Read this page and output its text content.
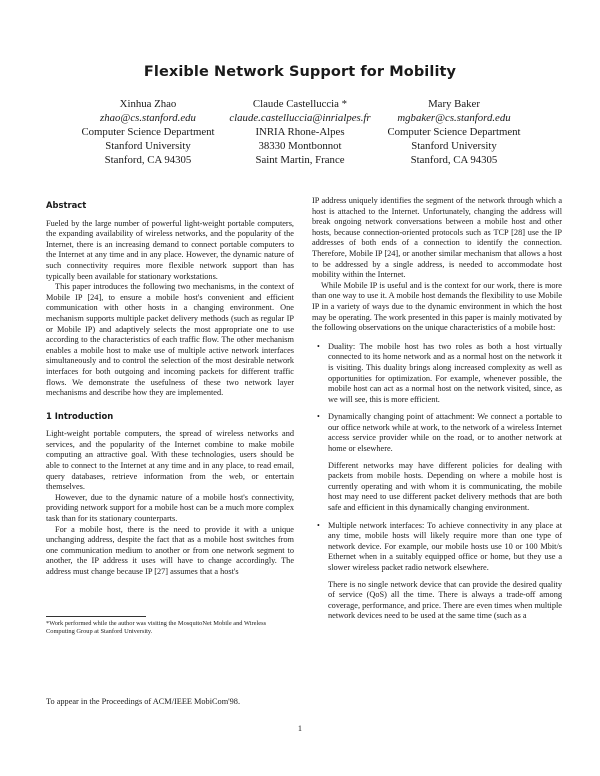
Flexible Network Support for Mobility
Xinhua Zhao
zhao@cs.stanford.edu
Computer Science Department
Stanford University
Stanford, CA 94305
Claude Castelluccia *
claude.castelluccia@inrialpes.fr
INRIA Rhone-Alpes
38330 Montbonnot
Saint Martin, France
Mary Baker
mgbaker@cs.stanford.edu
Computer Science Department
Stanford University
Stanford, CA 94305
Abstract

Fueled by the large number of powerful light-weight portable computers, the expanding availability of wireless networks, and the popularity of the Internet, there is an increasing demand to connect portable computers to the Internet at any time and in any place. However, the dynamic nature of such connectivity requires more flexible network support than has typically been available for stationary workstations.

This paper introduces the following two mechanisms, in the context of Mobile IP [24], to ensure a mobile host's convenient and efficient communication with other hosts in a changing environment. One mechanism supports multiple packet delivery methods (such as regular IP or Mobile IP) and adaptively selects the most appropriate one to use according to the characteristics of each traffic flow. The other mechanism enables a mobile host to make use of multiple active network interfaces simultaneously and to control the selection of the most desirable network interfaces for both outgoing and incoming packets for different traffic flows. We demonstrate the usefulness of these two network layer mechanisms and describe how they are implemented.

1 Introduction

Light-weight portable computers, the spread of wireless networks and services, and the popularity of the Internet combine to make mobile computing an attractive goal. With these technologies, users should be able to connect to the Internet at any time and in any place, to read email, query databases, retrieve information from the web, or entertain themselves.

However, due to the dynamic nature of a mobile host's connectivity, providing network support for a mobile host can be a much more complex task than for its stationary counterparts.

For a mobile host, there is the need to provide it with a unique unchanging address, despite the fact that as a mobile host switches from one communication medium to another or from one network segment to another, the IP address it uses will have to change accordingly. The address must change because IP [27] assumes that a host's

*Work performed while the author was visiting the MosquitoNet Mobile and Wireless Computing Group at Stanford University.
To appear in the Proceedings of ACM/IEEE MobiCom'98.

IP address uniquely identifies the segment of the network through which a host is attached to the Internet. Unfortunately, changing the address will break ongoing network conversations between a mobile host and other hosts, because connection-oriented protocols such as TCP [28] use the IP addresses of both ends of a connection to identify the connection. Therefore, Mobile IP [24], or another similar mechanism that allows a host to be addressed by a single address, is needed to accommodate host mobility within the Internet.

While Mobile IP is useful and is the context for our work, there is more than one way to use it. A mobile host demands the flexibility to use Mobile IP in a variety of ways due to the dynamic environment in which the host may be operating. The work presented in this paper is mainly motivated by the following observations on the unique characteristics of a mobile host:

• Duality: The mobile host has two roles as both a host virtually connected to its home network and as a normal host on the network it is visiting. This duality brings along increased complexity as well as opportunities for optimization. For example, whenever possible, the mobile host can act as a normal host on the network visited, since, as we will see, this is more efficient.

• Dynamically changing point of attachment: We connect a portable to our office network while at work, to the network of a wireless Internet access service provider while on the road, or to another network at home or elsewhere.

Different networks may have different policies for dealing with packets from mobile hosts. Depending on where a mobile host is currently operating and with whom it is communicating, the mobile host may need to use different packet delivery methods that are both safe and efficient in this dynamically changing environment.

• Multiple network interfaces: To achieve connectivity in any place at any time, mobile hosts will likely require more than one type of network device. For example, our mobile hosts use 10 or 100 Mbit/s Ethernet when in a suitably equipped office or home, but they use a slower wireless packet radio network elsewhere.

There is no single network device that can provide the desired quality of service (QoS) all the time. There is always a trade-off among coverage, performance, and price. There are even times when multiple network devices need to be used at the same time (such as a

1
